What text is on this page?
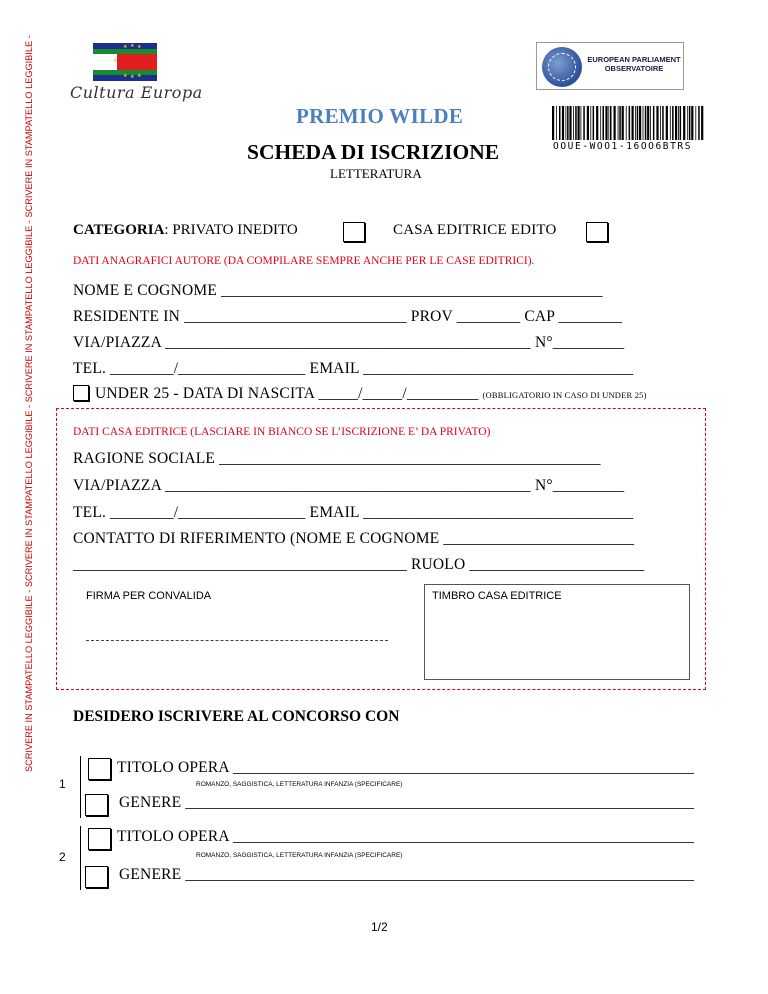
SCRIVERE IN STAMPATELLO LEGGIBILE - SCRIVERE IN STAMPATELLO LEGGIBILE - SCRIVERE IN STAMPATELLO LEGGIBILE - SCRIVERE IN STAMPATELLO LEGGIBILE -	★ ★ ★
★ ★ ★
★
Cultura Europa
EUROPEAN PARLIAMENT
OBSERVATOIRE
OOUE-WOO1-16OO6BTRS
PREMIO WILDE
SCHEDA DI ISCRIZIONE
LETTERATURA
CATEGORIA: PRIVATO INEDITO	CASA EDITRICE EDITO
DATI ANAGRAFICI AUTORE (DA COMPILARE SEMPRE ANCHE PER LE CASE EDITRICI).
NOME E COGNOME ________________________________________________
RESIDENTE IN ____________________________ PROV ________ CAP ________
VIA/PIAZZA ______________________________________________ N°_________
TEL. ________/________________ EMAIL __________________________________
UNDER 25 - DATA DI NASCITA _____/_____/_________ (OBBLIGATORIO IN CASO DI UNDER 25)
DATI CASA EDITRICE (LASCIARE IN BIANCO SE L’ISCRIZIONE E’ DA PRIVATO)
RAGIONE SOCIALE ________________________________________________
VIA/PIAZZA ______________________________________________ N°_________
TEL. ________/________________ EMAIL __________________________________
CONTATTO DI RIFERIMENTO (NOME E COGNOME ________________________
__________________________________________ RUOLO ______________________
FIRMA PER CONVALIDA	TIMBRO CASA EDITRICE
DESIDERO ISCRIVERE AL CONCORSO CON
1
TITOLO OPERA __________________________________________________________
ROMANZO, SAGGISTICA, LETTERATURA INFANZIA (SPECIFICARE)
GENERE ________________________________________________________________
2
TITOLO OPERA __________________________________________________________
ROMANZO, SAGGISTICA, LETTERATURA INFANZIA (SPECIFICARE)
GENERE ________________________________________________________________
1/2
